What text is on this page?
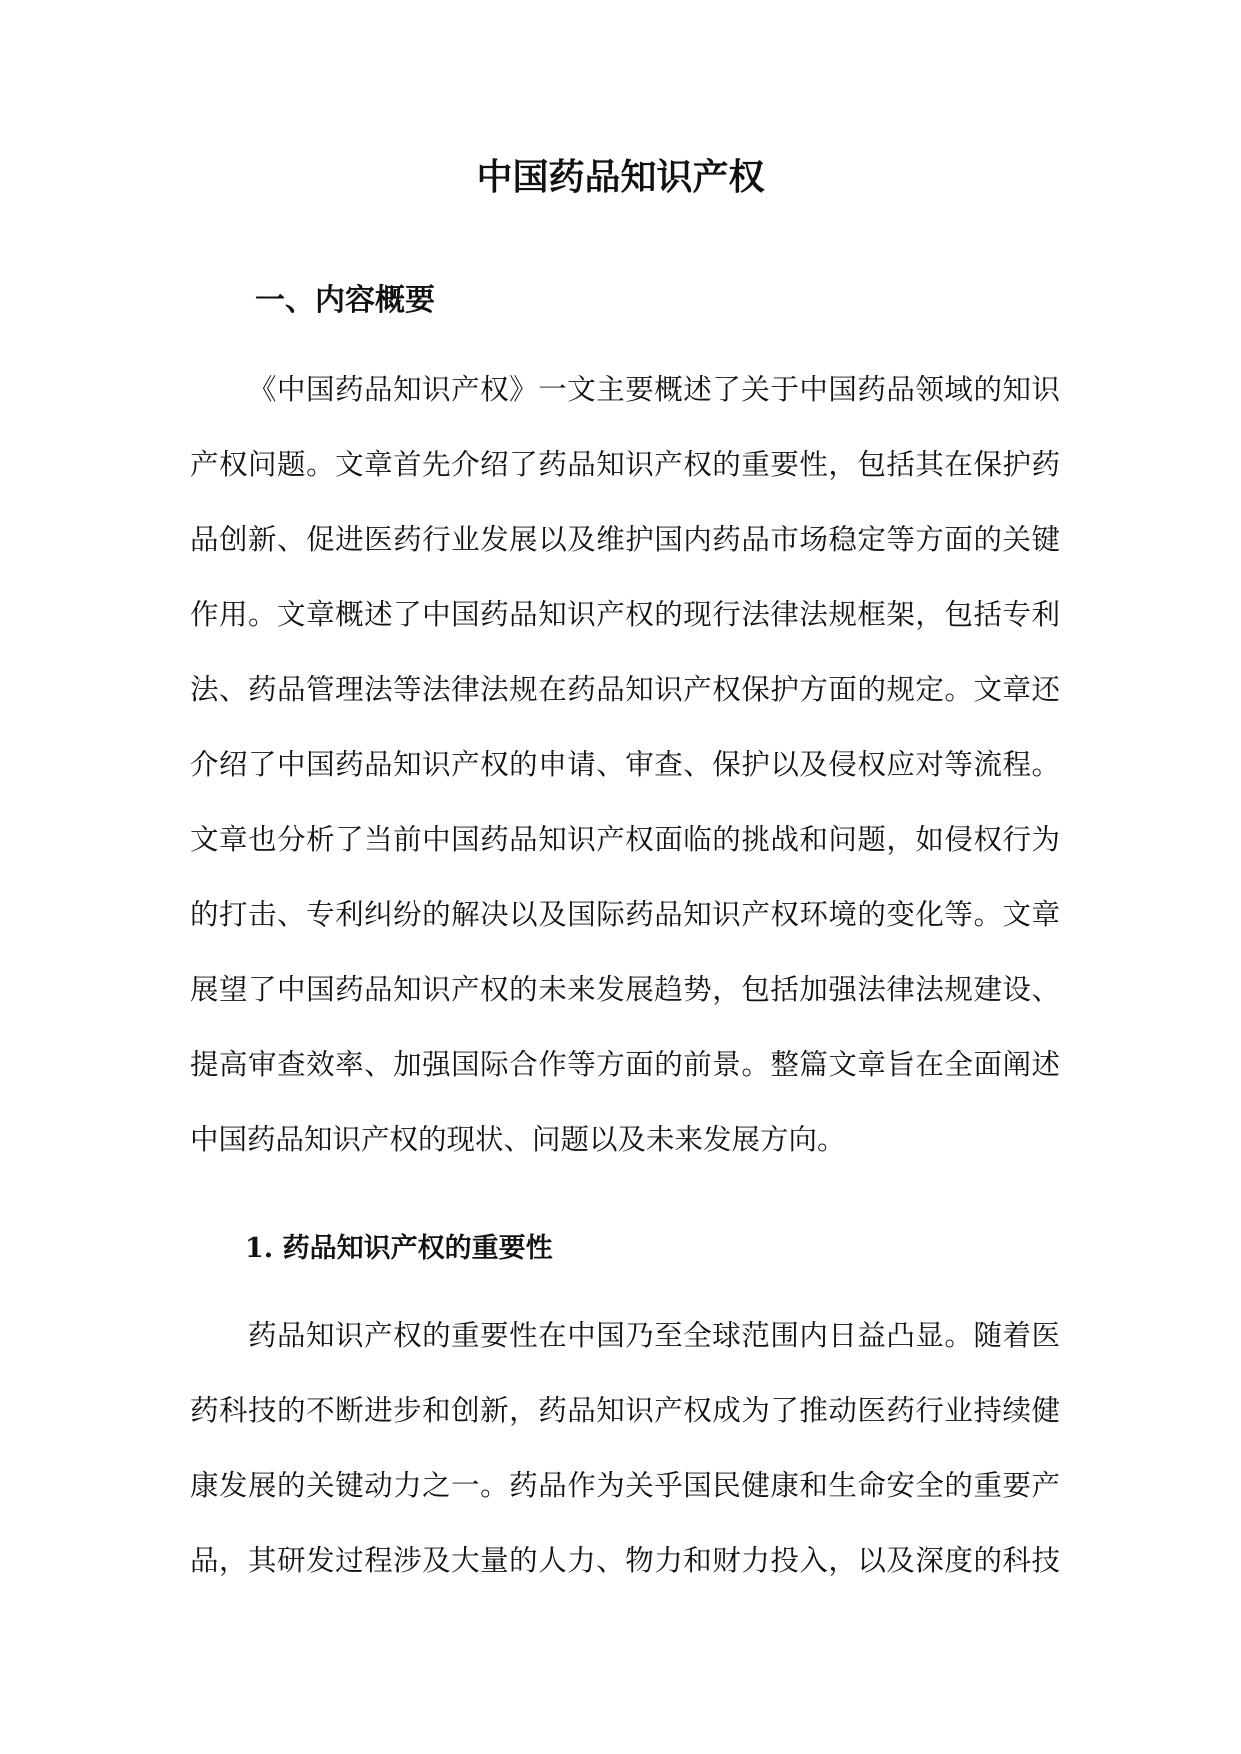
中国药品知识产权
一、内容概要
《中国药品知识产权》一文主要概述了关于中国药品领域的知识
产权问题。文章首先介绍了药品知识产权的重要性，包括其在保护药
品创新、促进医药行业发展以及维护国内药品市场稳定等方面的关键
作用。文章概述了中国药品知识产权的现行法律法规框架，包括专利
法、药品管理法等法律法规在药品知识产权保护方面的规定。文章还
介绍了中国药品知识产权的申请、审查、保护以及侵权应对等流程。
文章也分析了当前中国药品知识产权面临的挑战和问题，如侵权行为
的打击、专利纠纷的解决以及国际药品知识产权环境的变化等。文章
展望了中国药品知识产权的未来发展趋势，包括加强法律法规建设、
提高审查效率、加强国际合作等方面的前景。整篇文章旨在全面阐述
中国药品知识产权的现状、问题以及未来发展方向。
1. 药品知识产权的重要性
药品知识产权的重要性在中国乃至全球范围内日益凸显。随着医
药科技的不断进步和创新，药品知识产权成为了推动医药行业持续健
康发展的关键动力之一。药品作为关乎国民健康和生命安全的重要产
品，其研发过程涉及大量的人力、物力和财力投入，以及深度的科技
